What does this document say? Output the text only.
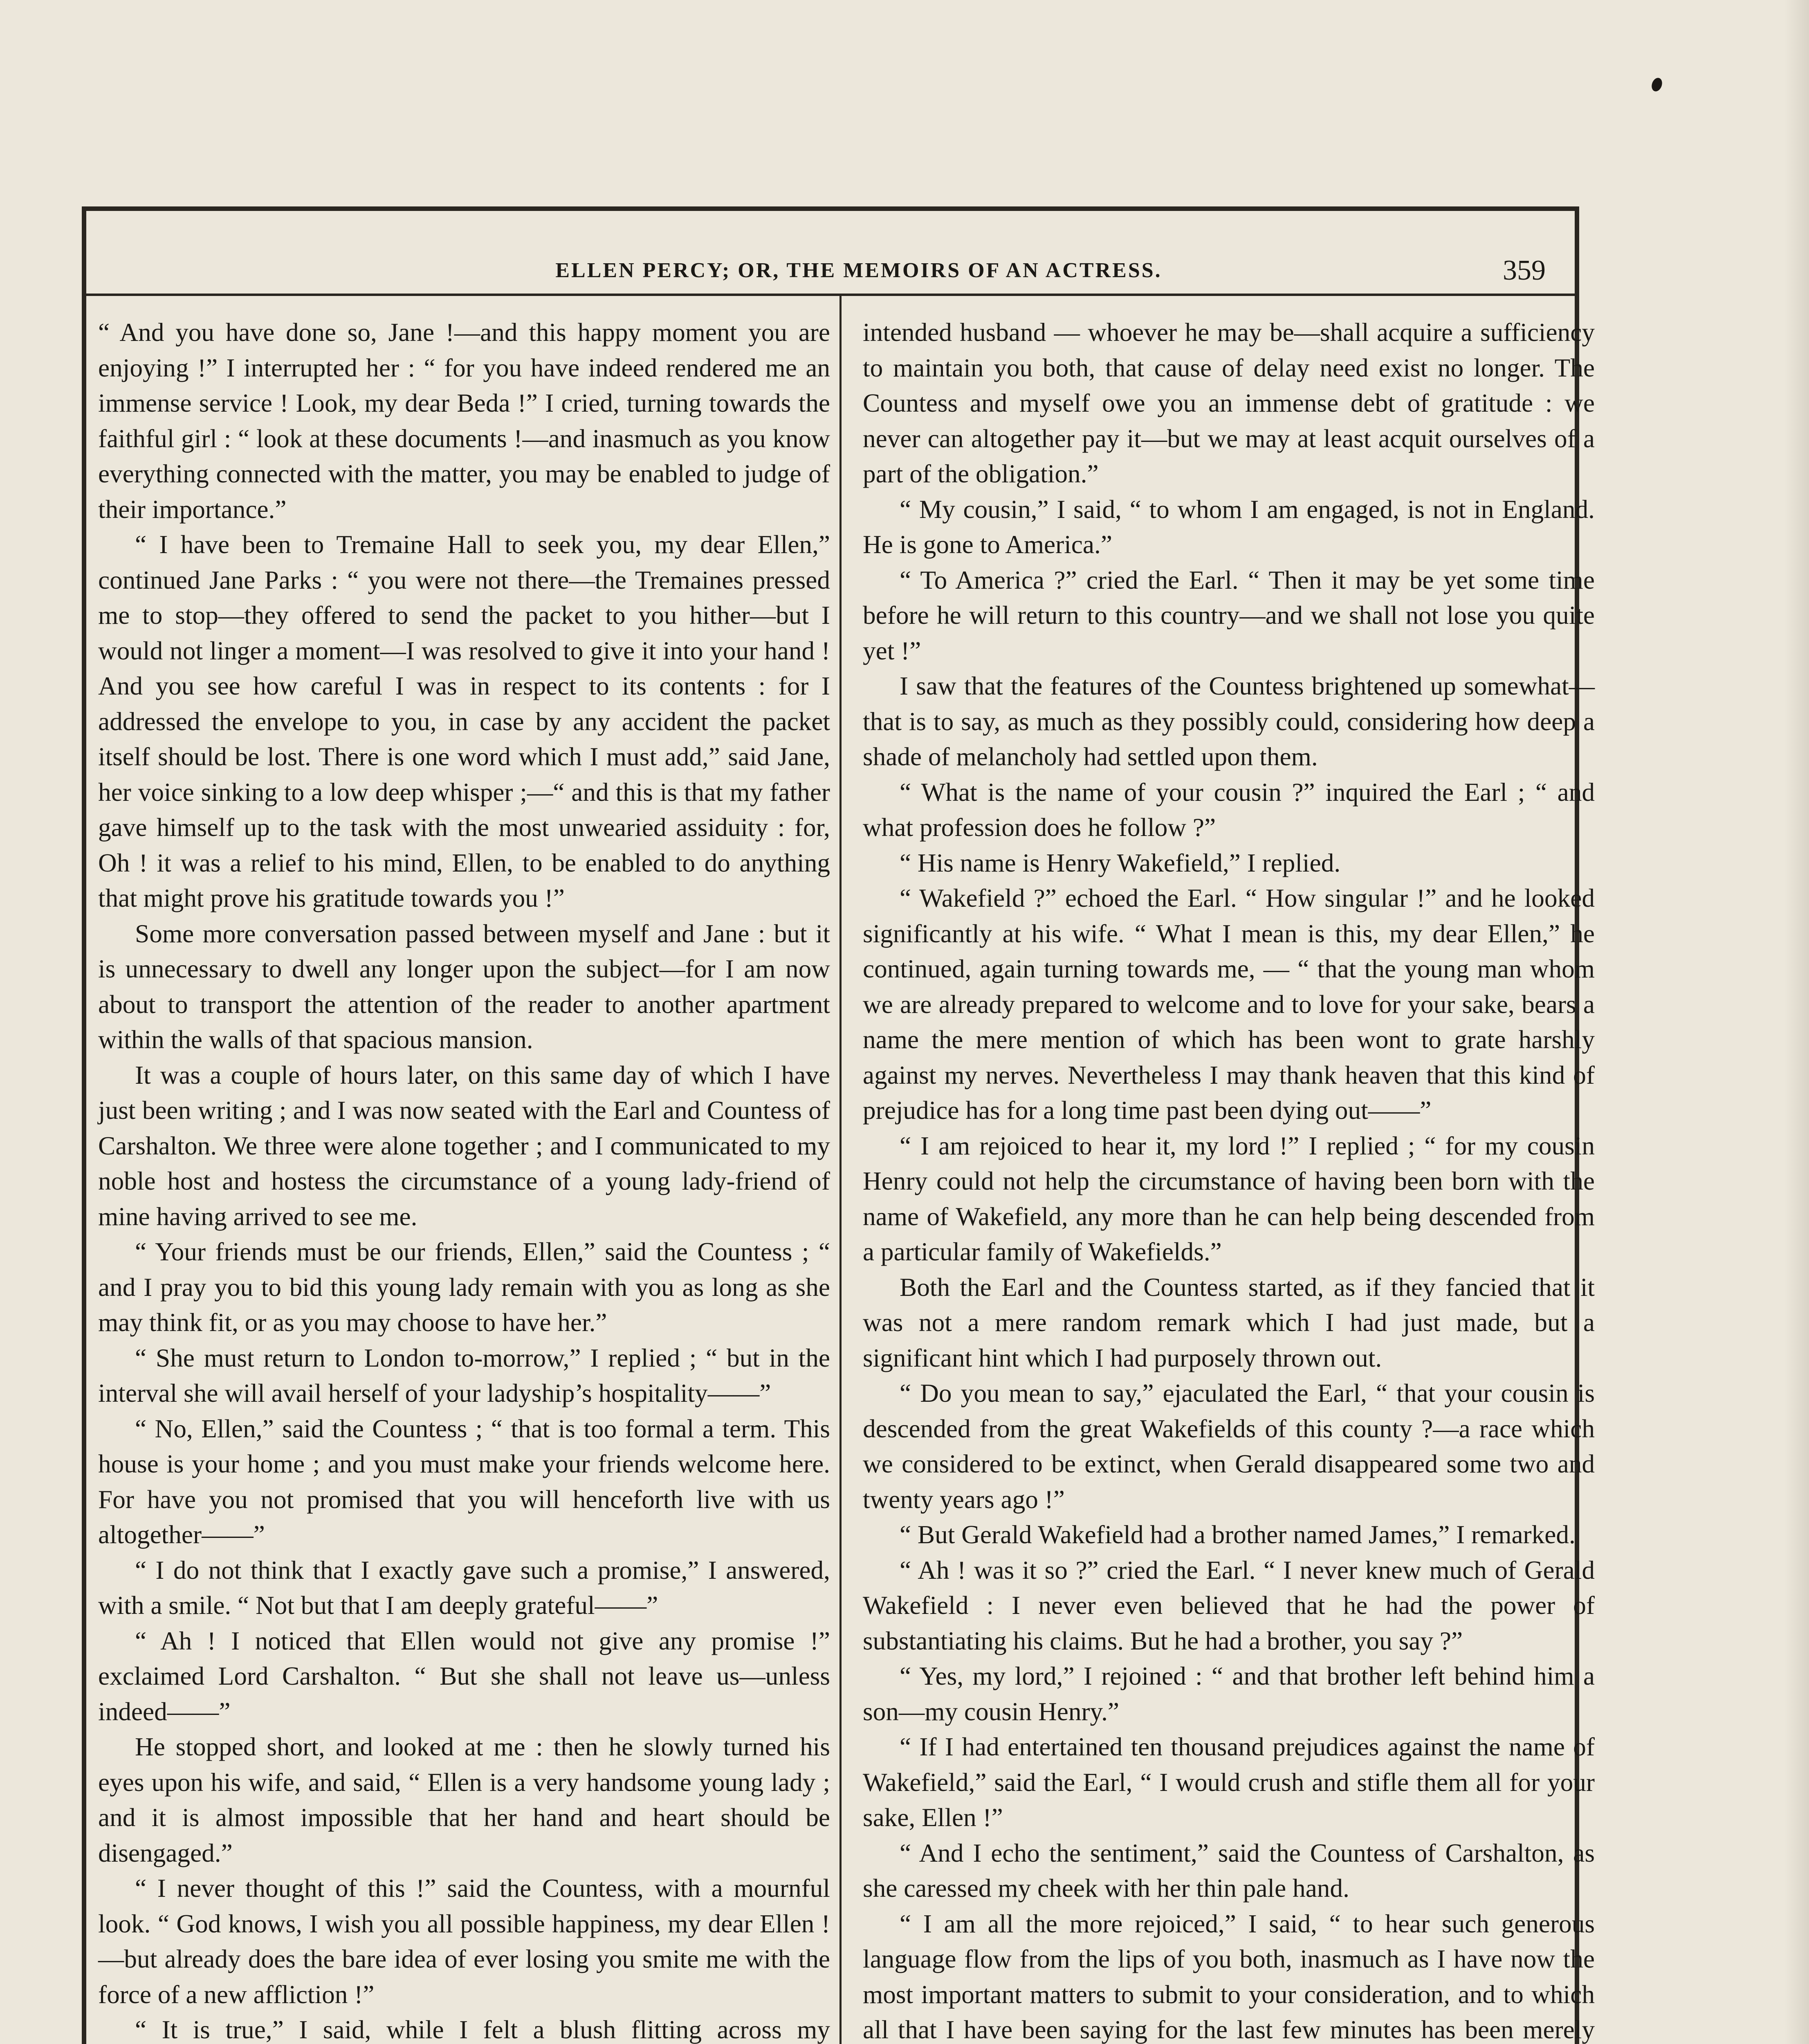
ELLEN PERCY; OR, THE MEMOIRS OF AN ACTRESS.	359

“ And you have done so, Jane !—and this happy moment you are enjoying !” I interrupted her : “ for you have indeed rendered me an immense service ! Look, my dear Beda !” I cried, turning towards the faithful girl : “ look at these documents !—and inasmuch as you know everything connected with the matter, you may be enabled to judge of their importance.”

“ I have been to Tremaine Hall to seek you, my dear Ellen,” continued Jane Parks : “ you were not there—the Tremaines pressed me to stop—they offered to send the packet to you hither—but I would not linger a moment—I was resolved to give it into your hand ! And you see how careful I was in respect to its contents : for I addressed the envelope to you, in case by any accident the packet itself should be lost. There is one word which I must add,” said Jane, her voice sinking to a low deep whisper ;—“ and this is that my father gave himself up to the task with the most unwearied assiduity : for, Oh ! it was a relief to his mind, Ellen, to be enabled to do anything that might prove his gratitude towards you !”

Some more conversation passed between myself and Jane : but it is unnecessary to dwell any longer upon the subject—for I am now about to transport the attention of the reader to another apartment within the walls of that spacious mansion.

It was a couple of hours later, on this same day of which I have just been writing ; and I was now seated with the Earl and Countess of Carshalton. We three were alone together ; and I communicated to my noble host and hostess the circumstance of a young lady-friend of mine having arrived to see me.

“ Your friends must be our friends, Ellen,” said the Countess ; “ and I pray you to bid this young lady remain with you as long as she may think fit, or as you may choose to have her.”

“ She must return to London to-morrow,” I replied ; “ but in the interval she will avail herself of your ladyship’s hospitality——”

“ No, Ellen,” said the Countess ; “ that is too formal a term. This house is your home ; and you must make your friends welcome here. For have you not promised that you will henceforth live with us altogether——”

“ I do not think that I exactly gave such a promise,” I answered, with a smile. “ Not but that I am deeply grateful——”

“ Ah ! I noticed that Ellen would not give any promise !” exclaimed Lord Carshalton. “ But she shall not leave us—unless indeed——”

He stopped short, and looked at me : then he slowly turned his eyes upon his wife, and said, “ Ellen is a very handsome young lady ; and it is almost impossible that her hand and heart should be disengaged.”

“ I never thought of this !” said the Countess, with a mournful look. “ God knows, I wish you all possible happiness, my dear Ellen !—but already does the bare idea of ever losing you smite me with the force of a new affliction !”

“ It is true,” I said, while I felt a blush flitting across my

intended husband — whoever he may be—shall acquire a sufficiency to maintain you both, that cause of delay need exist no longer. The Countess and myself owe you an immense debt of gratitude : we never can altogether pay it—but we may at least acquit ourselves of a part of the obligation.”

“ My cousin,” I said, “ to whom I am engaged, is not in England. He is gone to America.”

“ To America ?” cried the Earl. “ Then it may be yet some time before he will return to this country—and we shall not lose you quite yet !”

I saw that the features of the Countess brightened up somewhat—that is to say, as much as they possibly could, considering how deep a shade of melancholy had settled upon them.

“ What is the name of your cousin ?” inquired the Earl ; “ and what profession does he follow ?”

“ His name is Henry Wakefield,” I replied.

“ Wakefield ?” echoed the Earl. “ How singular !” and he looked significantly at his wife. “ What I mean is this, my dear Ellen,” he continued, again turning towards me, — “ that the young man whom we are already prepared to welcome and to love for your sake, bears a name the mere mention of which has been wont to grate harshly against my nerves. Nevertheless I may thank heaven that this kind of prejudice has for a long time past been dying out——”

“ I am rejoiced to hear it, my lord !” I replied ; “ for my cousin Henry could not help the circumstance of having been born with the name of Wakefield, any more than he can help being descended from a particular family of Wakefields.”

Both the Earl and the Countess started, as if they fancied that it was not a mere random remark which I had just made, but a significant hint which I had purposely thrown out.

“ Do you mean to say,” ejaculated the Earl, “ that your cousin is descended from the great Wakefields of this county ?—a race which we considered to be extinct, when Gerald disappeared some two and twenty years ago !”

“ But Gerald Wakefield had a brother named James,” I remarked.

“ Ah ! was it so ?” cried the Earl. “ I never knew much of Gerald Wakefield : I never even believed that he had the power of substantiating his claims. But he had a brother, you say ?”

“ Yes, my lord,” I rejoined : “ and that brother left behind him a son—my cousin Henry.”

“ If I had entertained ten thousand prejudices against the name of Wakefield,” said the Earl, “ I would crush and stifle them all for your sake, Ellen !”

“ And I echo the sentiment,” said the Countess of Carshalton, as she caressed my cheek with her thin pale hand.

“ I am all the more rejoiced,” I said, “ to hear such generous language flow from the lips of you both, inasmuch as I have now the most important matters to submit to your consideration, and to which all that I have been saying for the last few minutes has been merely
